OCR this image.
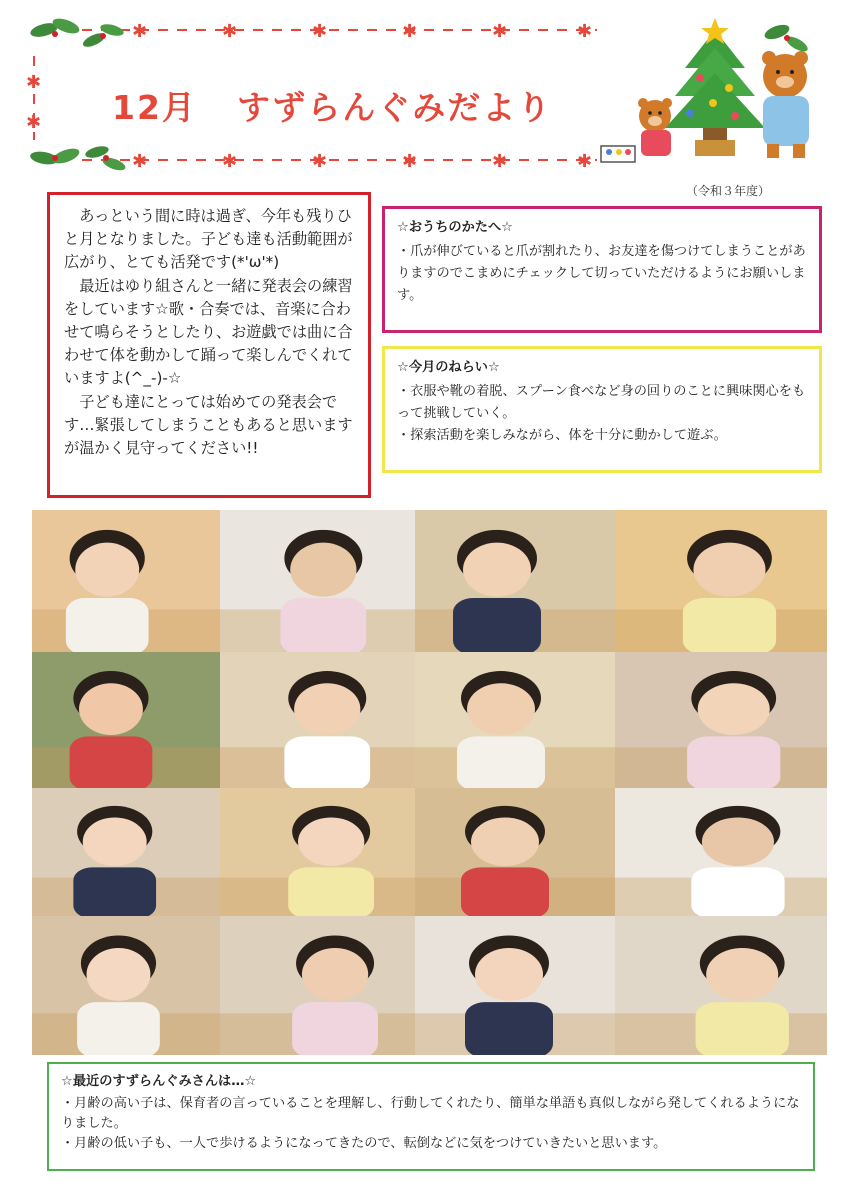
✱	✱	✱	✱	✱	✱
✱	✱	✱	✱	✱	✱
✱
✱ 12月 すずらんぐみだより
（令和３年度）

あっという間に時は過ぎ、今年も残りひと月となりました。子ども達も活動範囲が広がり、とても活発です(*'ω'*)

最近はゆり組さんと一緒に発表会の練習をしています☆歌・合奏では、音楽に合わせて鳴らそうとしたり、お遊戯では曲に合わせて体を動かして踊って楽しんでくれていますよ(^_-)-☆

子ども達にとっては始めての発表会です…緊張してしまうこともあると思いますが温かく見守ってください!!

☆おうちのかたへ☆
・爪が伸びていると爪が割れたり、お友達を傷つけてしまうことがありますのでこまめにチェックして切っていただけるようにお願いします。
☆今月のねらい☆
・衣服や靴の着脱、スプーン食べなど身の回りのことに興味関心をもって挑戦していく。
・探索活動を楽しみながら、体を十分に動かして遊ぶ。
☆最近のすずらんぐみさんは…☆
・月齢の高い子は、保育者の言っていることを理解し、行動してくれたり、簡単な単語も真似しながら発してくれるようになりました。
・月齢の低い子も、一人で歩けるようになってきたので、転倒などに気をつけていきたいと思います。
